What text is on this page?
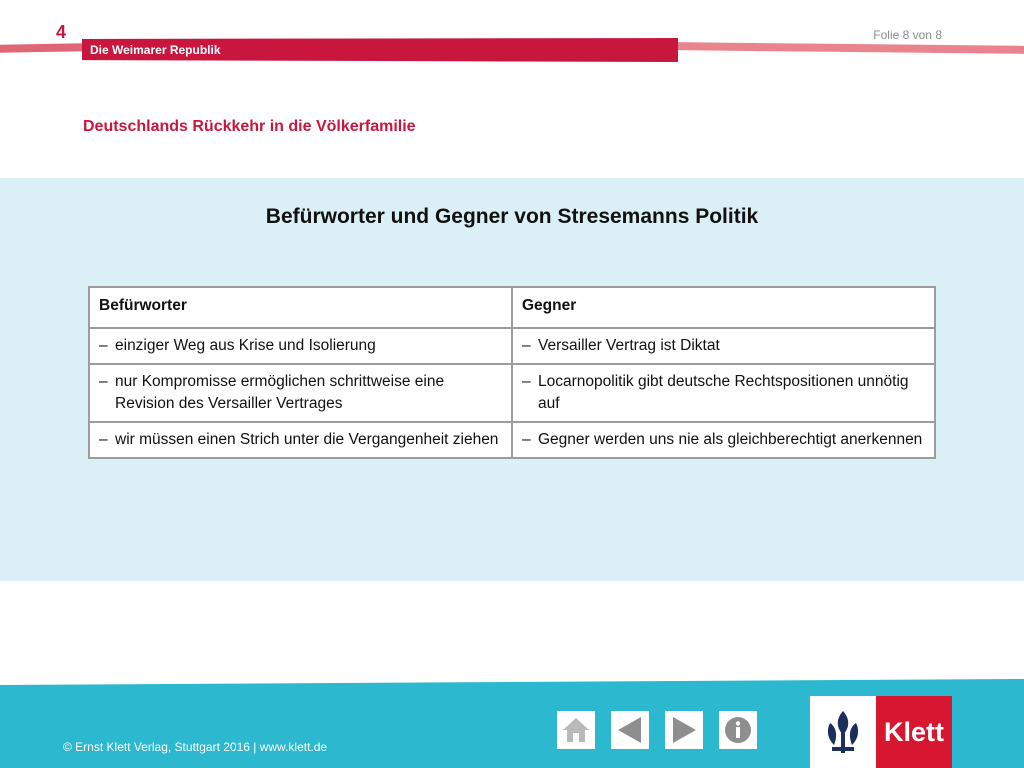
4
Die Weimarer Republik
Folie 8 von 8
Deutschlands Rückkehr in die Völkerfamilie
Befürworter und Gegner von Stresemanns Politik
Befürworter	Gegner

– einziger Weg aus Krise und Isolierung	– Versailler Vertrag ist Diktat

– nur Kompromisse ermöglichen schrittweise eine Revision des Versailler Vertrages	– Locarnopolitik gibt deutsche Rechtspositionen unnötig auf

– wir müssen einen Strich unter die Vergangenheit ziehen	– Gegner werden uns nie als gleichberechtigt anerkennen
© Ernst Klett Verlag, Stuttgart 2016 | www.klett.de
Klett
